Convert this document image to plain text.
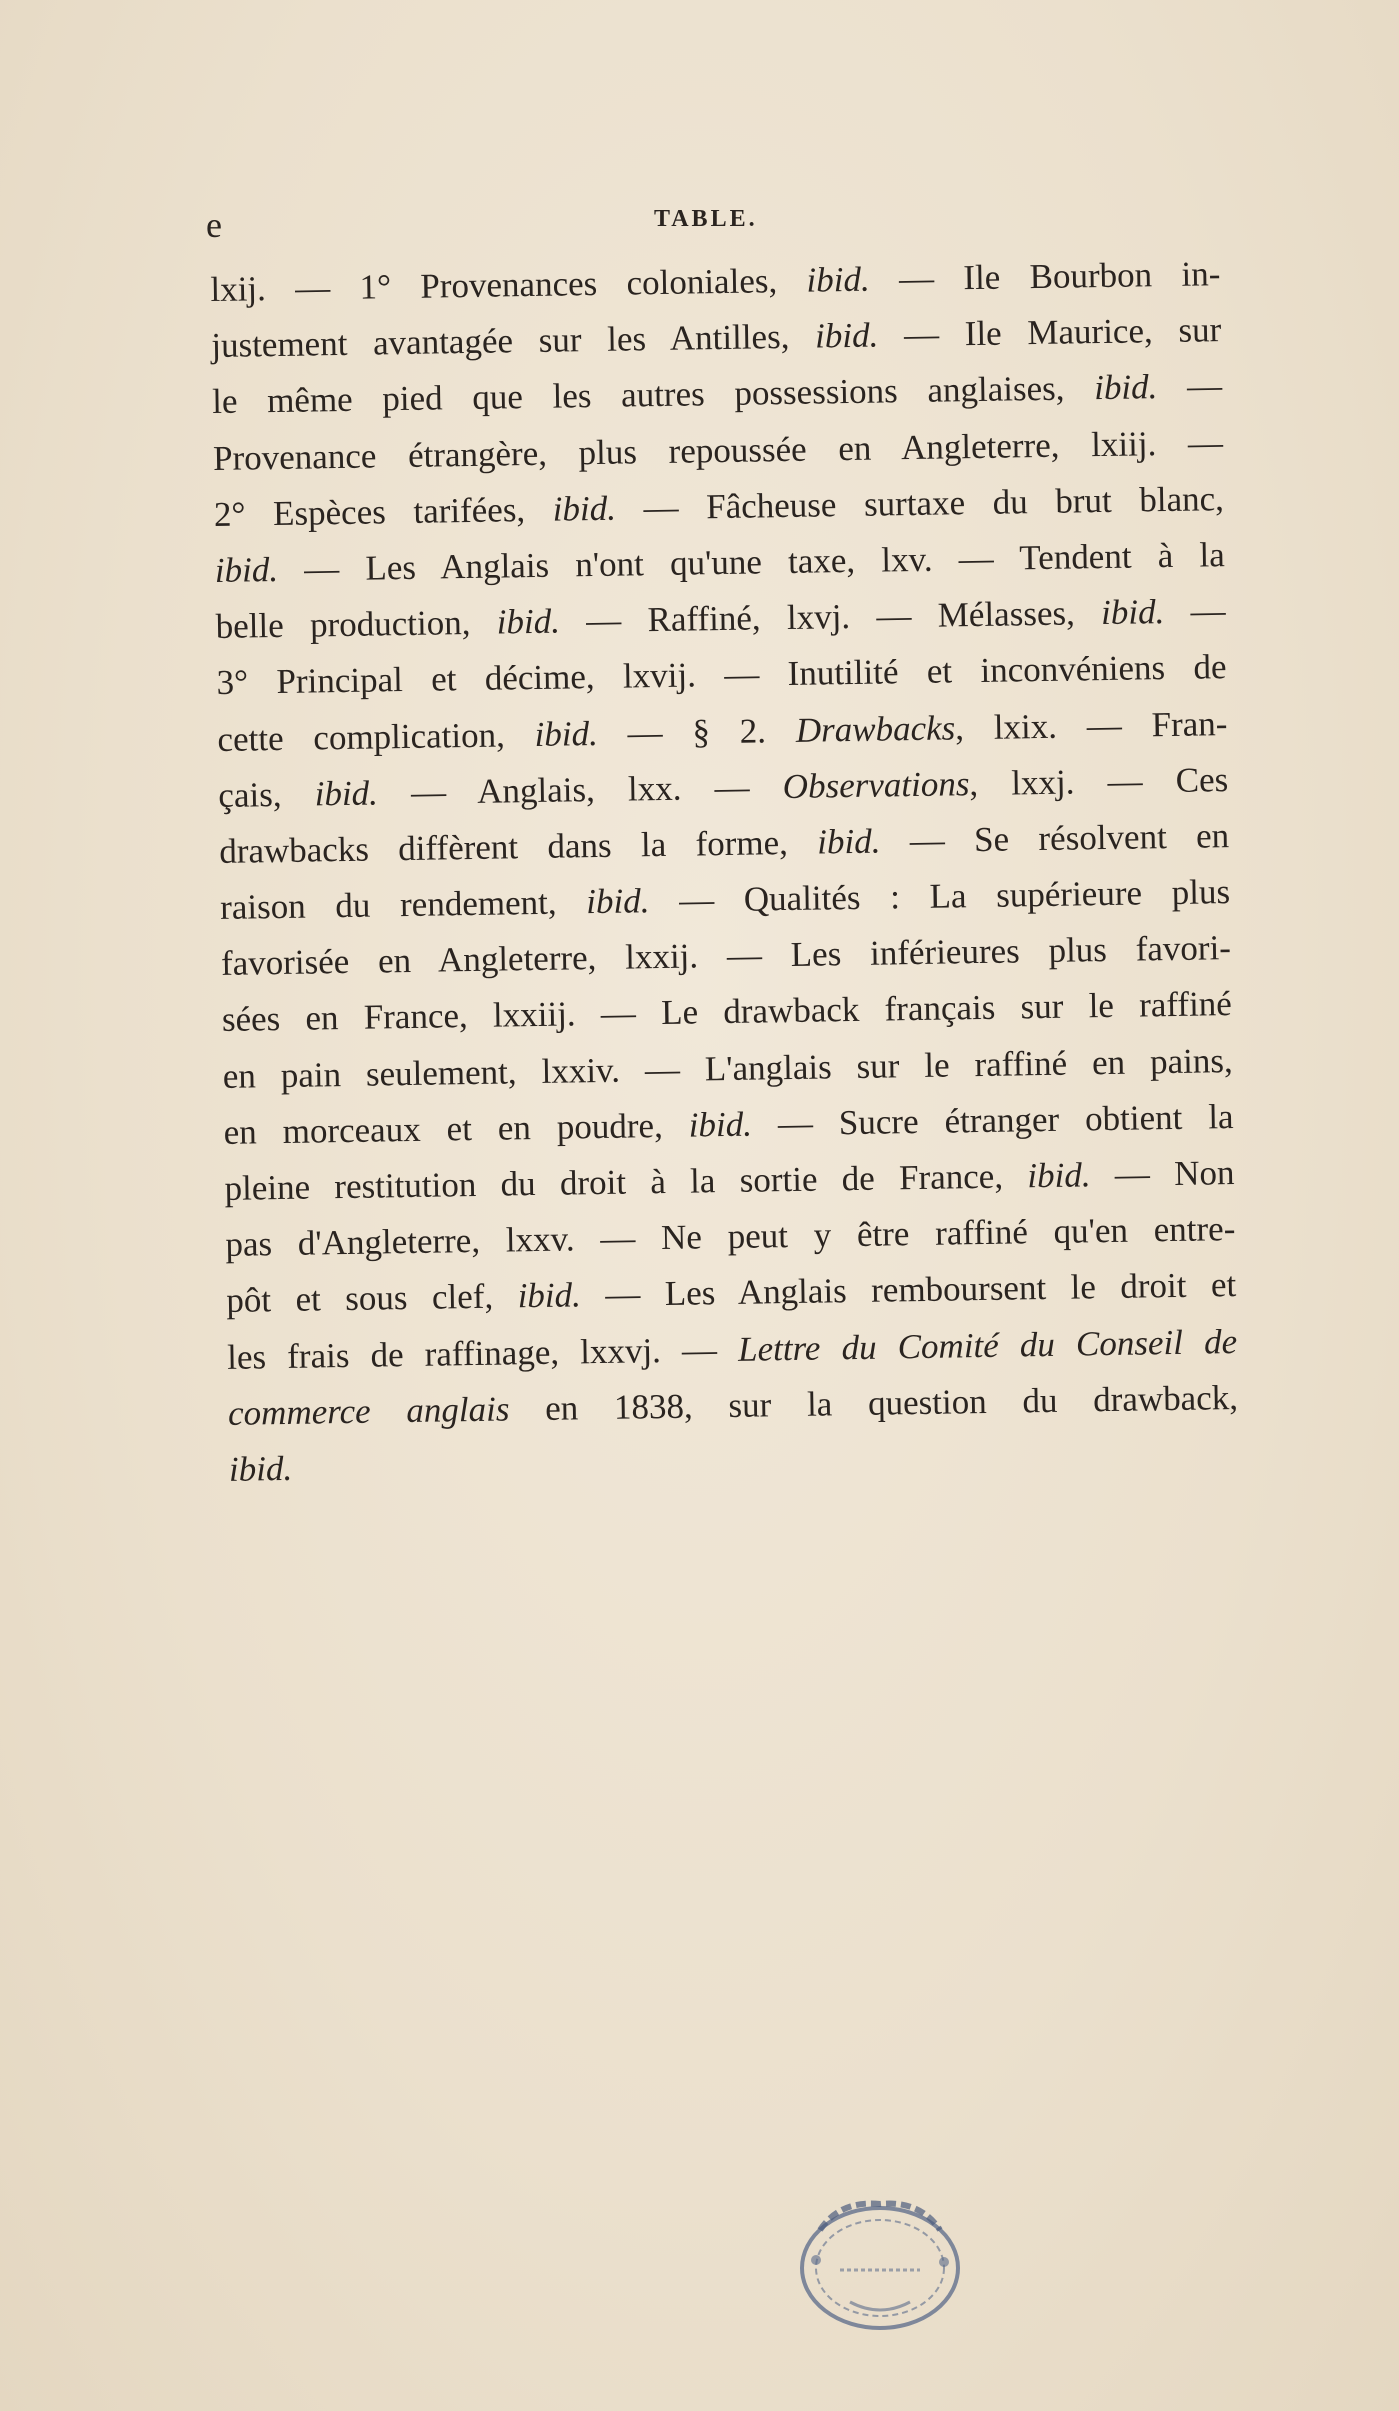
e	TABLE.
lxij. — 1° Provenances coloniales, ibid. — Ile Bourbon in-
justement avantagée sur les Antilles, ibid. — Ile Maurice, sur
le même pied que les autres possessions anglaises, ibid. —
Provenance étrangère, plus repoussée en Angleterre, lxiij. —
2° Espèces tarifées, ibid. — Fâcheuse surtaxe du brut blanc,
ibid. — Les Anglais n'ont qu'une taxe, lxv. — Tendent à la
belle production, ibid. — Raffiné, lxvj. — Mélasses, ibid. —
3° Principal et décime, lxvij. — Inutilité et inconvéniens de
cette complication, ibid. — § 2. Drawbacks, lxix. — Fran-
çais, ibid. — Anglais, lxx. — Observations, lxxj. — Ces
drawbacks diffèrent dans la forme, ibid. — Se résolvent en
raison du rendement, ibid. — Qualités : La supérieure plus
favorisée en Angleterre, lxxij. — Les inférieures plus favori-
sées en France, lxxiij. — Le drawback français sur le raffiné
en pain seulement, lxxiv. — L'anglais sur le raffiné en pains,
en morceaux et en poudre, ibid. — Sucre étranger obtient la
pleine restitution du droit à la sortie de France, ibid. — Non
pas d'Angleterre, lxxv. — Ne peut y être raffiné qu'en entre-
pôt et sous clef, ibid. — Les Anglais remboursent le droit et
les frais de raffinage, lxxvj. — Lettre du Comité du Conseil de
commerce anglais en 1838, sur la question du drawback,
ibid.
